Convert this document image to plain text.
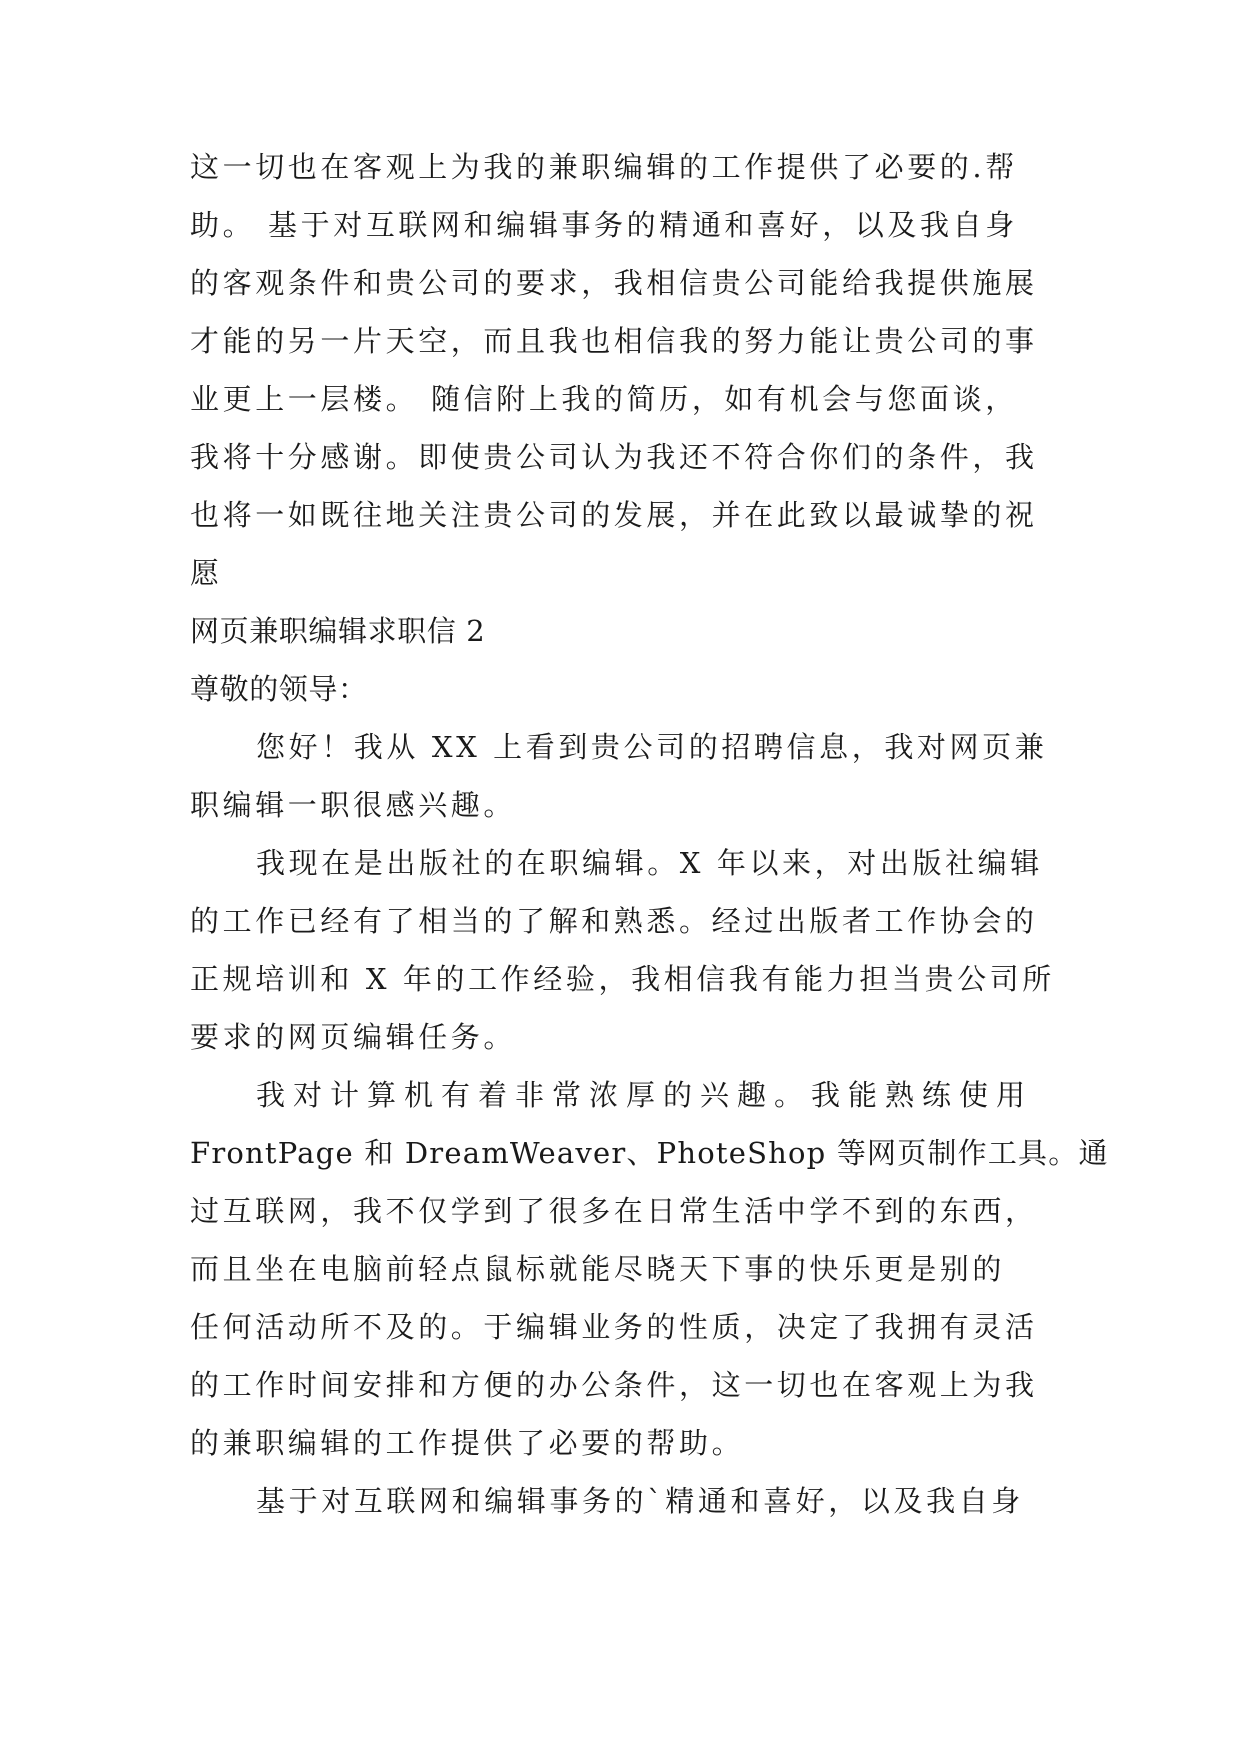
这一切也在客观上为我的兼职编辑的工作提供了必要的.帮
助。 基于对互联网和编辑事务的精通和喜好，以及我自身
的客观条件和贵公司的要求，我相信贵公司能给我提供施展
才能的另一片天空，而且我也相信我的努力能让贵公司的事
业更上一层楼。 随信附上我的简历，如有机会与您面谈，
我将十分感谢。即使贵公司认为我还不符合你们的条件，我
也将一如既往地关注贵公司的发展，并在此致以最诚挚的祝
愿
网页兼职编辑求职信 2
尊敬的领导：
您好！我从 XX 上看到贵公司的招聘信息，我对网页兼
职编辑一职很感兴趣。
我现在是出版社的在职编辑。X 年以来，对出版社编辑
的工作已经有了相当的了解和熟悉。经过出版者工作协会的
正规培训和 X 年的工作经验，我相信我有能力担当贵公司所
要求的网页编辑任务。
我对计算机有着非常浓厚的兴趣。我能熟练使用
FrontPage 和 DreamWeaver、PhoteShop 等网页制作工具。通
过互联网，我不仅学到了很多在日常生活中学不到的东西，
而且坐在电脑前轻点鼠标就能尽晓天下事的快乐更是别的
任何活动所不及的。于编辑业务的性质，决定了我拥有灵活
的工作时间安排和方便的办公条件，这一切也在客观上为我
的兼职编辑的工作提供了必要的帮助。
基于对互联网和编辑事务的`精通和喜好，以及我自身
